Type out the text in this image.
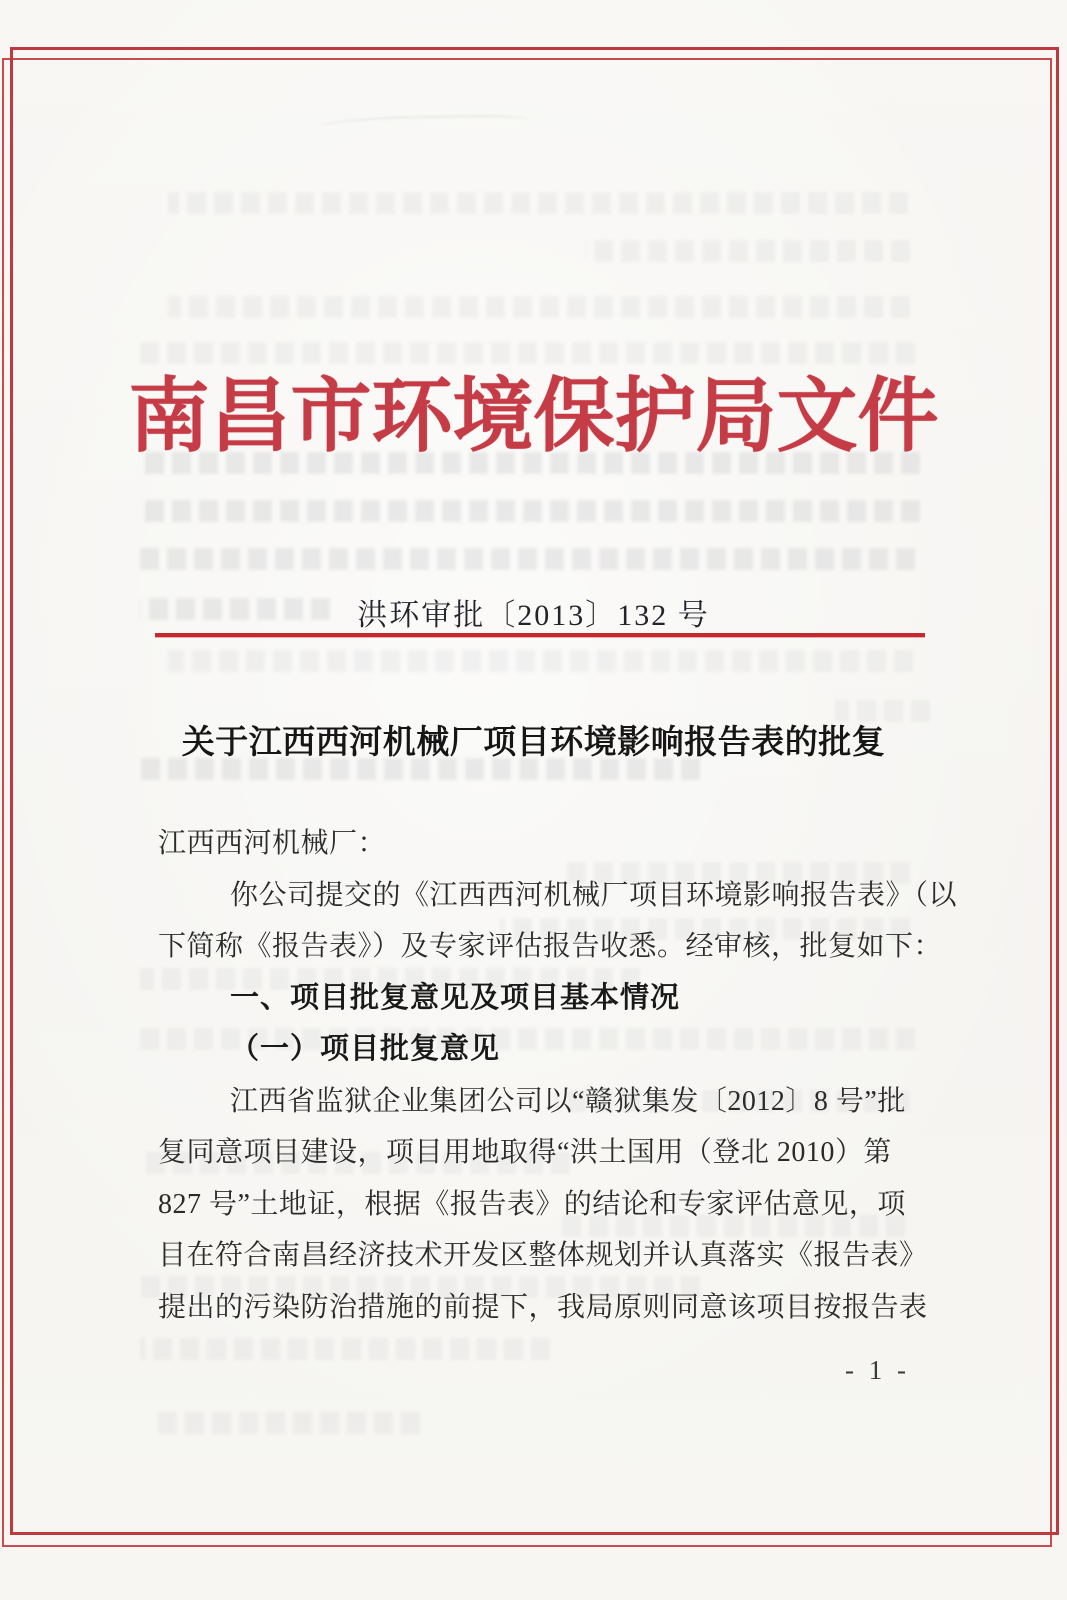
南昌市环境保护局文件
洪环审批〔2013〕132 号
关于江西西河机械厂项目环境影响报告表的批复
江西西河机械厂：
你公司提交的《江西西河机械厂项目环境影响报告表》（以
下简称《报告表》）及专家评估报告收悉。经审核，批复如下：
一、项目批复意见及项目基本情况
（一）项目批复意见
江西省监狱企业集团公司以“赣狱集发〔2012〕8 号”批
复同意项目建设，项目用地取得“洪土国用（登北 2010）第
827 号”土地证，根据《报告表》的结论和专家评估意见，项
目在符合南昌经济技术开发区整体规划并认真落实《报告表》
提出的污染防治措施的前提下，我局原则同意该项目按报告表
- 1 -
